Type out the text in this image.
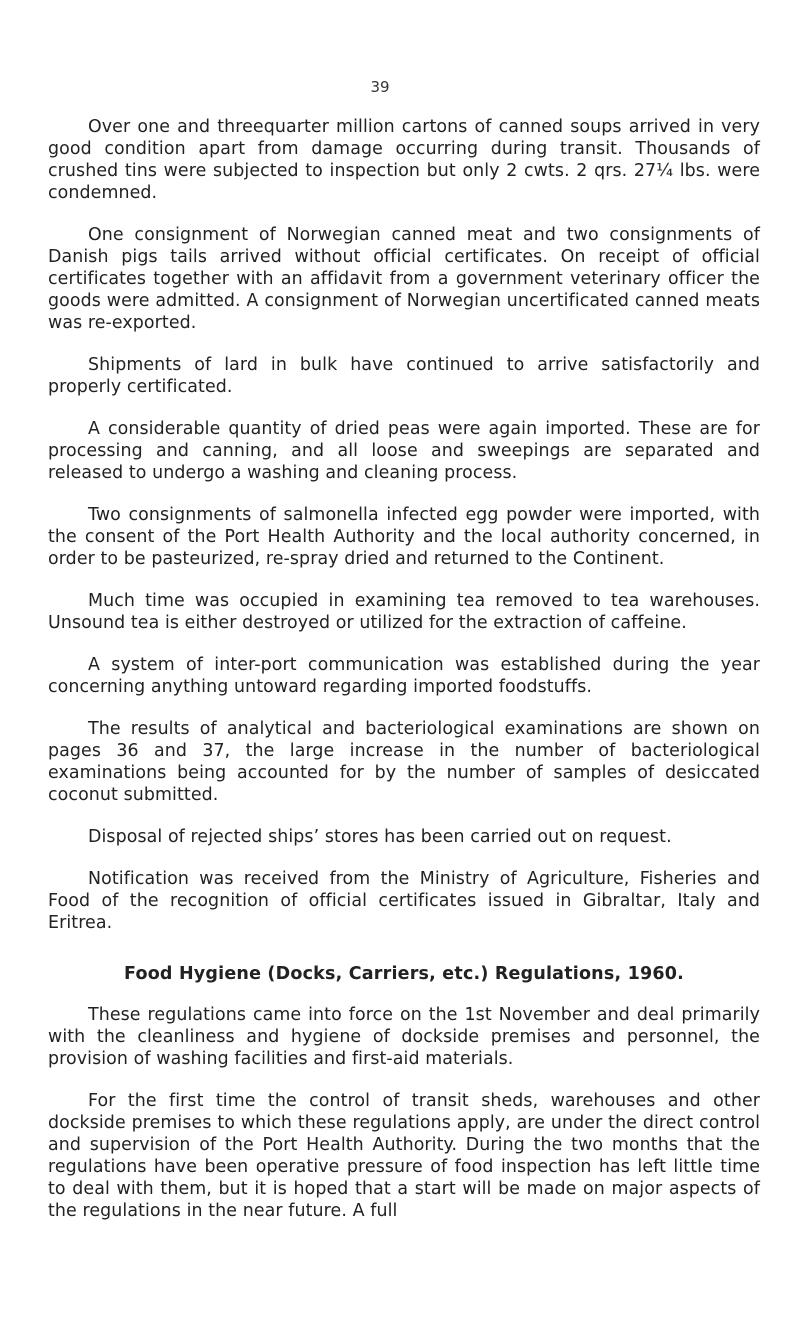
39

Over one and threequarter million cartons of canned soups arrived in very good condition apart from damage occurring during transit. Thousands of crushed tins were subjected to inspection but only 2 cwts. 2 qrs. 27¼ lbs. were condemned.

One consignment of Norwegian canned meat and two consignments of Danish pigs tails arrived without official certificates. On receipt of official certificates together with an affidavit from a government veterinary officer the goods were admitted. A consignment of Norwegian uncertificated canned meats was re-exported.

Shipments of lard in bulk have continued to arrive satisfactorily and properly certificated.

A considerable quantity of dried peas were again imported. These are for processing and canning, and all loose and sweepings are separated and released to undergo a washing and cleaning process.

Two consignments of salmonella infected egg powder were imported, with the consent of the Port Health Authority and the local authority concerned, in order to be pasteurized, re-spray dried and returned to the Continent.

Much time was occupied in examining tea removed to tea warehouses. Unsound tea is either destroyed or utilized for the extraction of caffeine.

A system of inter-port communication was established during the year concerning anything untoward regarding imported foodstuffs.

The results of analytical and bacteriological examinations are shown on pages 36 and 37, the large increase in the number of bacteriological examinations being accounted for by the number of samples of desiccated coconut submitted.

Disposal of rejected ships’ stores has been carried out on request.

Notification was received from the Ministry of Agriculture, Fisheries and Food of the recognition of official certificates issued in Gibraltar, Italy and Eritrea.

Food Hygiene (Docks, Carriers, etc.) Regulations, 1960.

These regulations came into force on the 1st November and deal primarily with the cleanliness and hygiene of dockside premises and personnel, the provision of washing facilities and first-aid materials.

For the first time the control of transit sheds, warehouses and other dockside premises to which these regulations apply, are under the direct control and supervision of the Port Health Authority. During the two months that the regulations have been operative pressure of food inspection has left little time to deal with them, but it is hoped that a start will be made on major aspects of the regulations in the near future. A full
